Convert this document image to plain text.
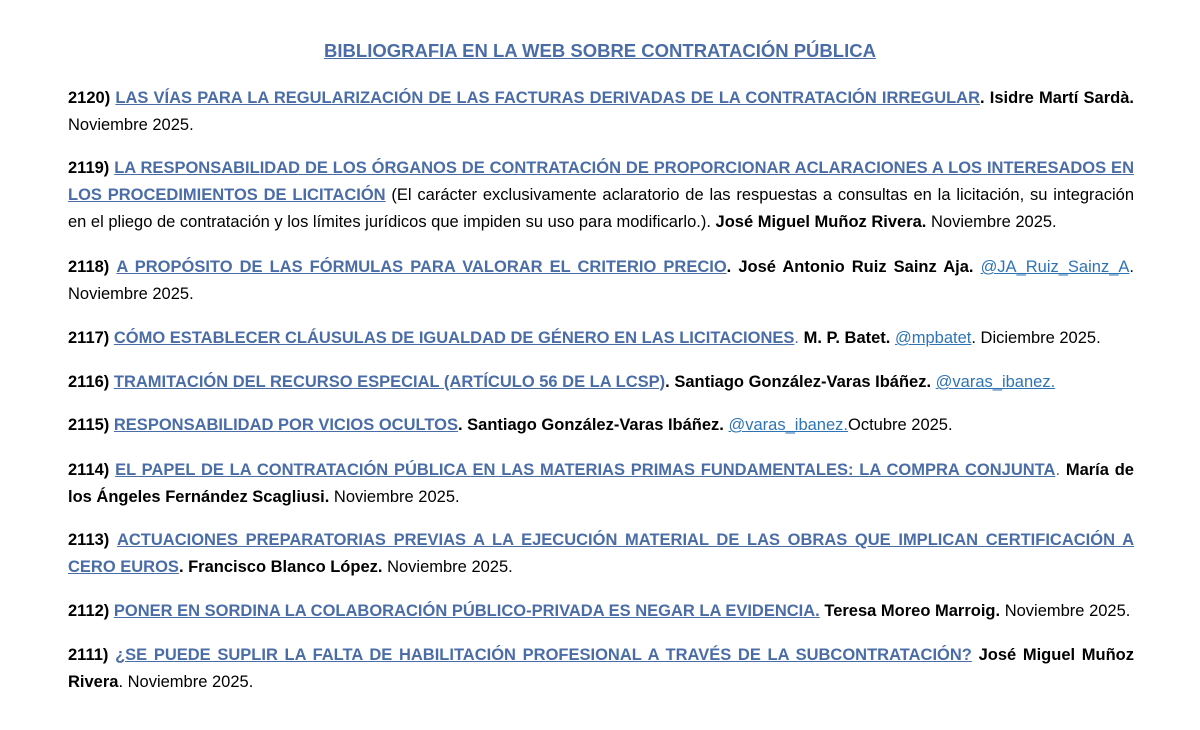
BIBLIOGRAFIA EN LA WEB SOBRE CONTRATACIÓN PÚBLICA
2120) LAS VÍAS PARA LA REGULARIZACIÓN DE LAS FACTURAS DERIVADAS DE LA CONTRATACIÓN IRREGULAR. Isidre Martí Sardà. Noviembre 2025.
2119) LA RESPONSABILIDAD DE LOS ÓRGANOS DE CONTRATACIÓN DE PROPORCIONAR ACLARACIONES A LOS INTERESADOS EN LOS PROCEDIMIENTOS DE LICITACIÓN (El carácter exclusivamente aclaratorio de las respuestas a consultas en la licitación, su integración en el pliego de contratación y los límites jurídicos que impiden su uso para modificarlo.). José Miguel Muñoz Rivera. Noviembre 2025.
2118) A PROPÓSITO DE LAS FÓRMULAS PARA VALORAR EL CRITERIO PRECIO. José Antonio Ruiz Sainz Aja. @JA_Ruiz_Sainz_A. Noviembre 2025.
2117) CÓMO ESTABLECER CLÁUSULAS DE IGUALDAD DE GÉNERO EN LAS LICITACIONES. M. P. Batet. @mpbatet. Diciembre 2025.
2116) TRAMITACIÓN DEL RECURSO ESPECIAL (ARTÍCULO 56 DE LA LCSP). Santiago González-Varas Ibáñez. @varas_ibanez.
2115) RESPONSABILIDAD POR VICIOS OCULTOS. Santiago González-Varas Ibáñez. @varas_ibanez.Octubre 2025.
2114) EL PAPEL DE LA CONTRATACIÓN PÚBLICA EN LAS MATERIAS PRIMAS FUNDAMENTALES: LA COMPRA CONJUNTA. María de los Ángeles Fernández Scagliusi. Noviembre 2025.
2113) ACTUACIONES PREPARATORIAS PREVIAS A LA EJECUCIÓN MATERIAL DE LAS OBRAS QUE IMPLICAN CERTIFICACIÓN A CERO EUROS. Francisco Blanco López. Noviembre 2025.
2112) PONER EN SORDINA LA COLABORACIÓN PÚBLICO-PRIVADA ES NEGAR LA EVIDENCIA. Teresa Moreo Marroig. Noviembre 2025.
2111) ¿SE PUEDE SUPLIR LA FALTA DE HABILITACIÓN PROFESIONAL A TRAVÉS DE LA SUBCONTRATACIÓN? José Miguel Muñoz Rivera. Noviembre 2025.
